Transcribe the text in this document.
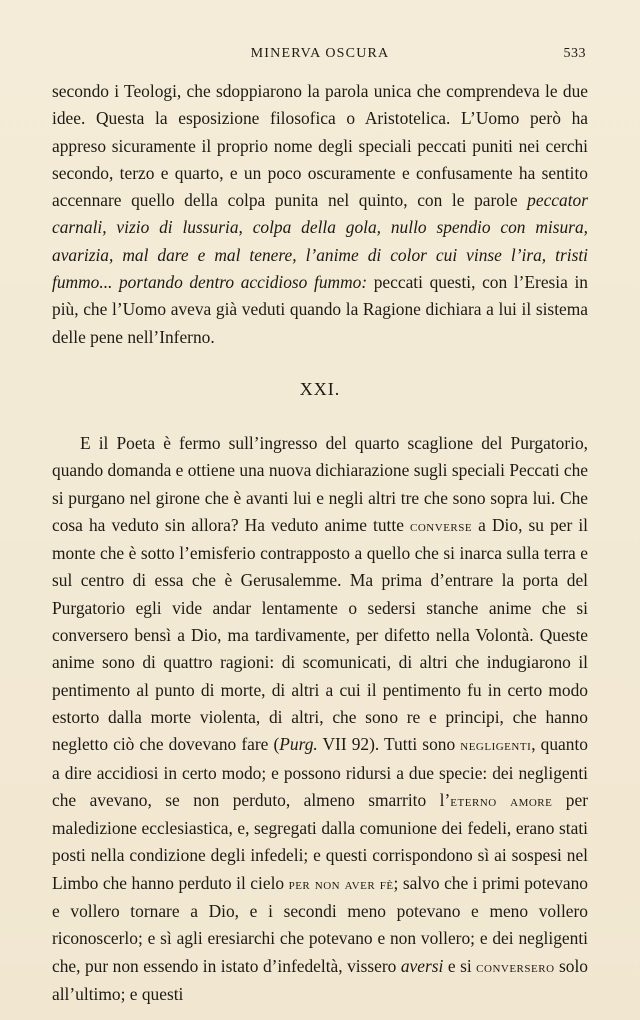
MINERVA OSCURA	533

secondo i Teologi, che sdoppiarono la parola unica che comprendeva le due idee. Questa la esposizione filosofica o Aristotelica. L’Uomo però ha appreso sicuramente il proprio nome degli speciali peccati puniti nei cerchi secondo, terzo e quarto, e un poco oscuramente e confusamente ha sentito accennare quello della colpa punita nel quinto, con le parole peccator carnali, vizio di lussuria, colpa della gola, nullo spendio con misura, avarizia, mal dare e mal tenere, l’anime di color cui vinse l’ira, tristi fummo... portando dentro accidioso fummo: peccati questi, con l’Eresia in più, che l’Uomo aveva già veduti quando la Ragione dichiara a lui il sistema delle pene nell’Inferno.

XXI.

E il Poeta è fermo sull’ingresso del quarto scaglione del Purgatorio, quando domanda e ottiene una nuova dichiarazione sugli speciali Peccati che si purgano nel girone che è avanti lui e negli altri tre che sono sopra lui. Che cosa ha veduto sin allora? Ha veduto anime tutte converse a Dio, su per il monte che è sotto l’emisferio contrapposto a quello che si inarca sulla terra e sul centro di essa che è Gerusalemme. Ma prima d’entrare la porta del Purgatorio egli vide andar lentamente o sedersi stanche anime che si conversero bensì a Dio, ma tardivamente, per difetto nella Volontà. Queste anime sono di quattro ragioni: di scomunicati, di altri che indugiarono il pentimento al punto di morte, di altri a cui il pentimento fu in certo modo estorto dalla morte violenta, di altri, che sono re e principi, che hanno negletto ciò che dovevano fare (Purg. VII 92). Tutti sono negligenti, quanto a dire accidiosi in certo modo; e possono ridursi a due specie: dei negligenti che avevano, se non perduto, almeno smarrito l’eterno amore per maledizione ecclesiastica, e, segregati dalla comunione dei fedeli, erano stati posti nella condizione degli infedeli; e questi corrispondono sì ai sospesi nel Limbo che hanno perduto il cielo per non aver fè; salvo che i primi potevano e vollero tornare a Dio, e i secondi meno potevano e meno vollero riconoscerlo; e sì agli eresiarchi che potevano e non vollero; e dei negligenti che, pur non essendo in istato d’infedeltà, vissero aversi e si conversero solo all’ultimo; e questi
